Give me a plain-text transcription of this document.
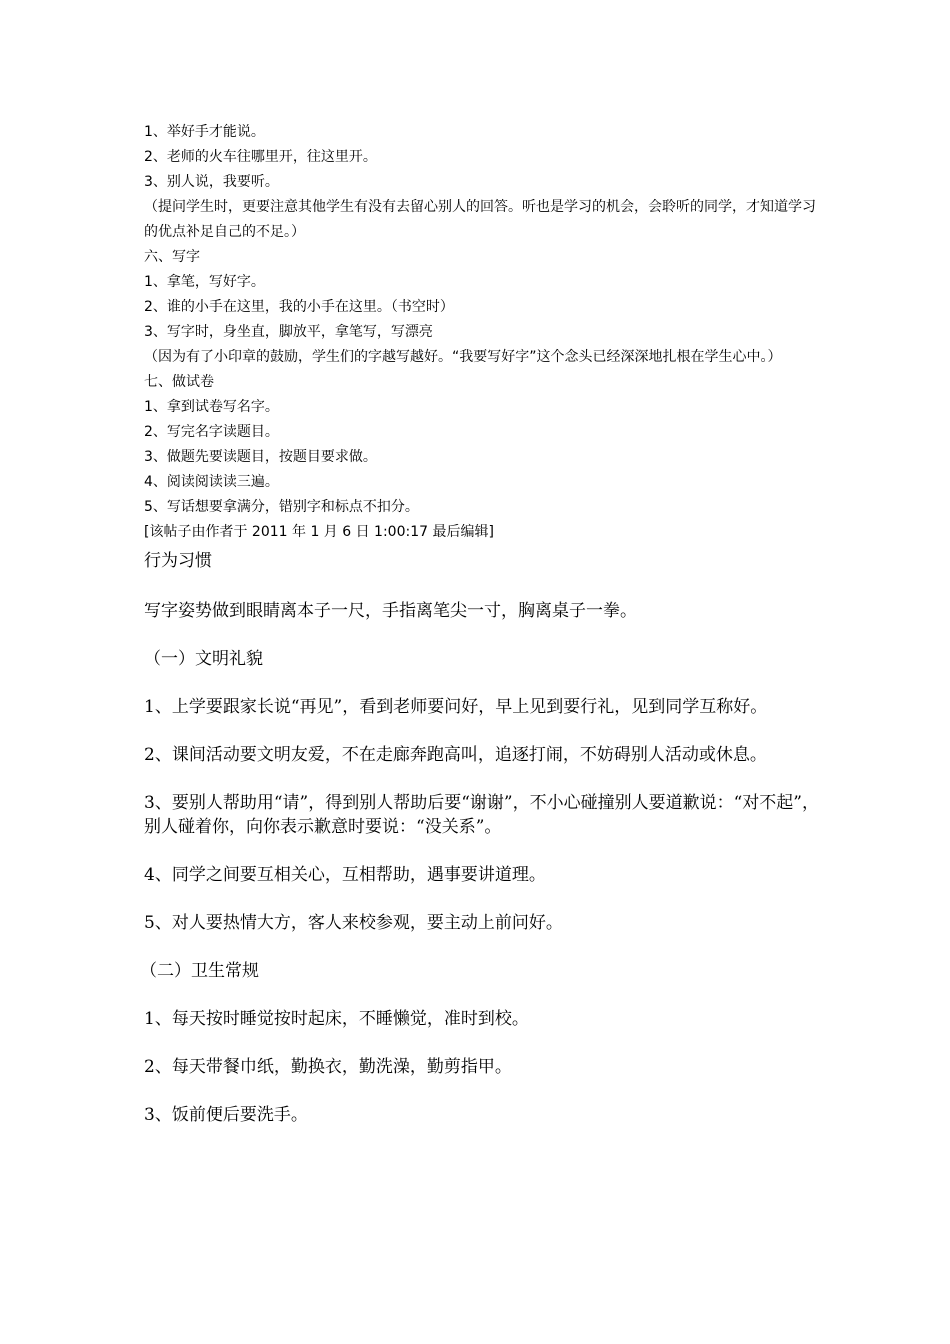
1、举好手才能说。

2、老师的火车往哪里开，往这里开。

3、别人说，我要听。

（提问学生时，更要注意其他学生有没有去留心别人的回答。听也是学习的机会，会聆听的同学，才知道学习的优点补足自己的不足。）

六、写字

1、拿笔，写好字。

2、谁的小手在这里，我的小手在这里。（书空时）

3、写字时，身坐直，脚放平，拿笔写，写漂亮

（因为有了小印章的鼓励，学生们的字越写越好。“我要写好字”这个念头已经深深地扎根在学生心中。）

七、做试卷

1、拿到试卷写名字。

2、写完名字读题目。

3、做题先要读题目，按题目要求做。

4、阅读阅读读三遍。

5、写话想要拿满分，错别字和标点不扣分。

[该帖子由作者于 2011 年 1 月 6 日 1:00:17 最后编辑]

行为习惯

写字姿势做到眼睛离本子一尺，手指离笔尖一寸，胸离桌子一拳。

（一）文明礼貌

1、上学要跟家长说“再见”，看到老师要问好，早上见到要行礼，见到同学互称好。

2、课间活动要文明友爱，不在走廊奔跑高叫，追逐打闹，不妨碍别人活动或休息。

3、要别人帮助用“请”，得到别人帮助后要“谢谢”，不小心碰撞别人要道歉说：“对不起”，别人碰着你，向你表示歉意时要说：“没关系”。

4、同学之间要互相关心，互相帮助，遇事要讲道理。

5、对人要热情大方，客人来校参观，要主动上前问好。

（二）卫生常规

1、每天按时睡觉按时起床，不睡懒觉，准时到校。

2、每天带餐巾纸，勤换衣，勤洗澡，勤剪指甲。

3、饭前便后要洗手。
